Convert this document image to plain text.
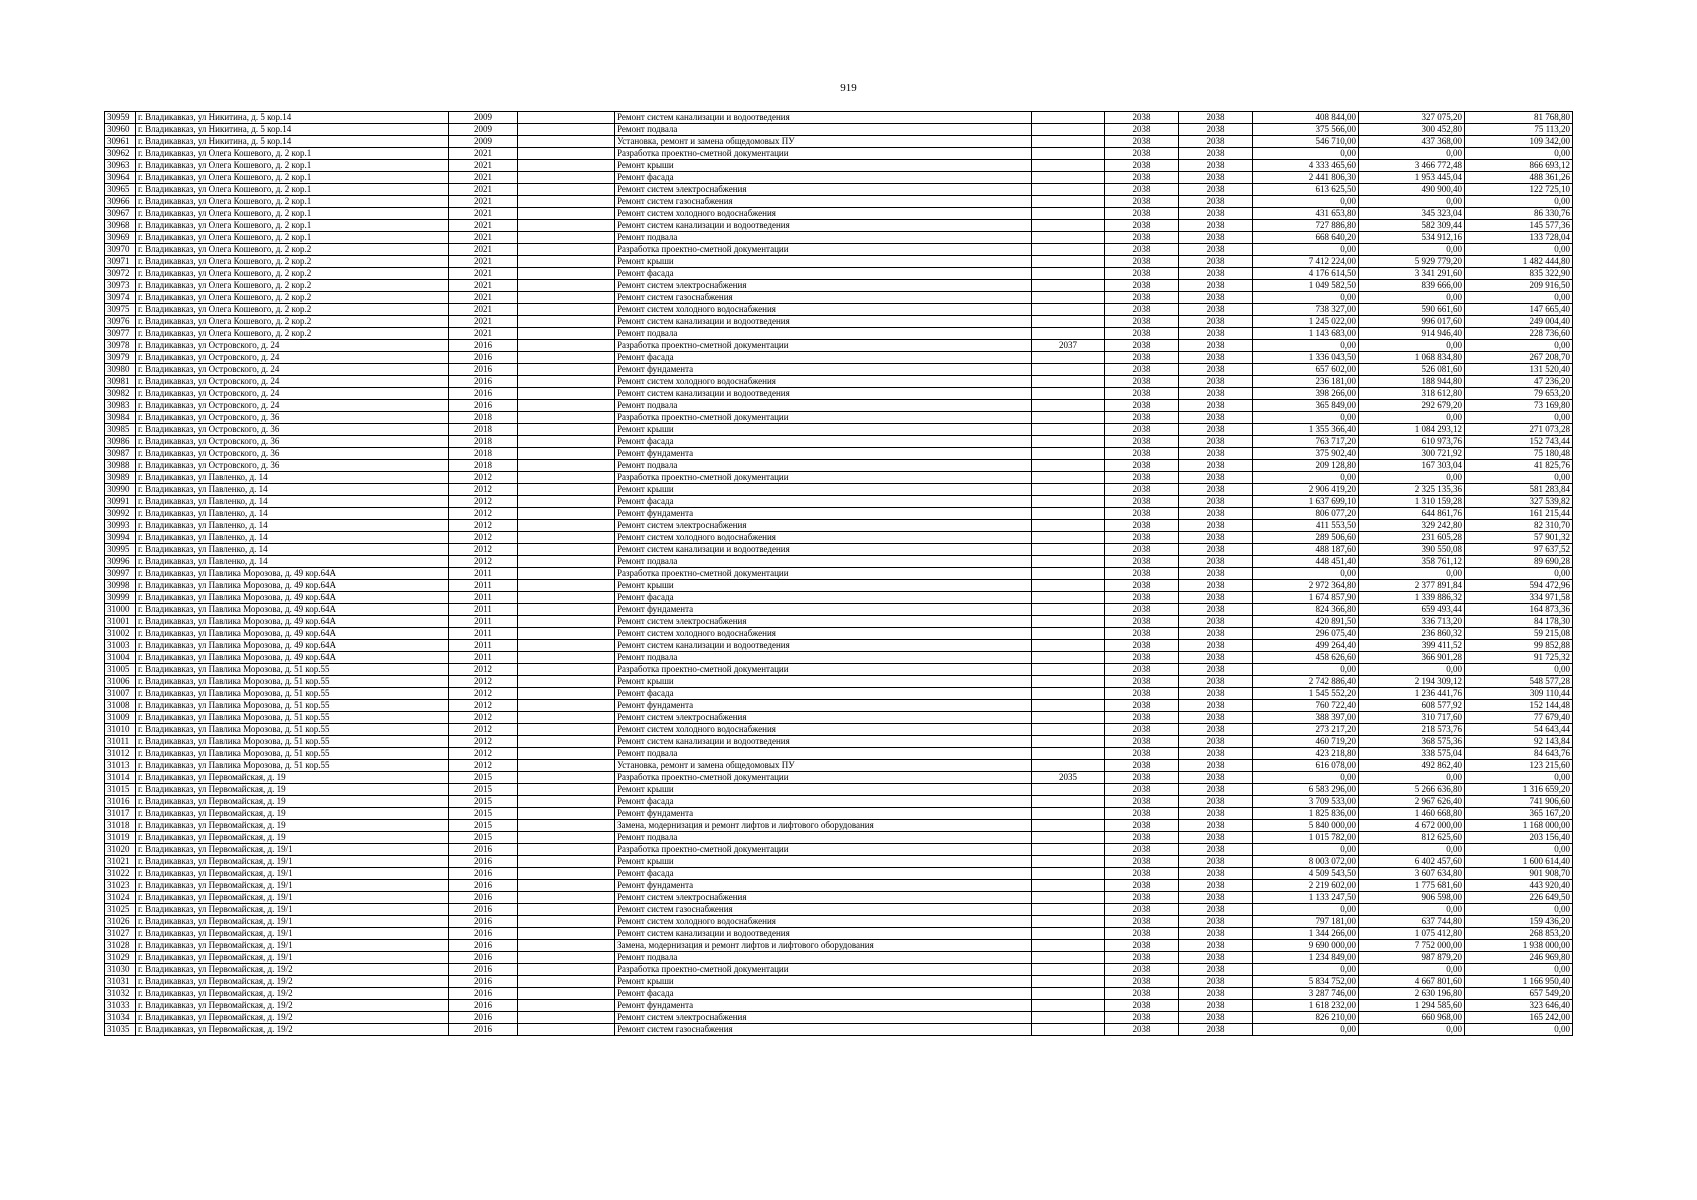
919
30959	г. Владикавказ, ул Никитина, д. 5 кор.14	2009		Ремонт систем канализации и водоотведения		2038	2038	408 844,00	327 075,20	81 768,80
30960	г. Владикавказ, ул Никитина, д. 5 кор.14	2009		Ремонт подвала		2038	2038	375 566,00	300 452,80	75 113,20
30961	г. Владикавказ, ул Никитина, д. 5 кор.14	2009		Установка, ремонт и замена общедомовых ПУ		2038	2038	546 710,00	437 368,00	109 342,00
30962	г. Владикавказ, ул Олега Кошевого, д. 2 кор.1	2021		Разработка проектно-сметной документации		2038	2038	0,00	0,00	0,00
30963	г. Владикавказ, ул Олега Кошевого, д. 2 кор.1	2021		Ремонт крыши		2038	2038	4 333 465,60	3 466 772,48	866 693,12
30964	г. Владикавказ, ул Олега Кошевого, д. 2 кор.1	2021		Ремонт фасада		2038	2038	2 441 806,30	1 953 445,04	488 361,26
30965	г. Владикавказ, ул Олега Кошевого, д. 2 кор.1	2021		Ремонт систем электроснабжения		2038	2038	613 625,50	490 900,40	122 725,10
30966	г. Владикавказ, ул Олега Кошевого, д. 2 кор.1	2021		Ремонт систем газоснабжения		2038	2038	0,00	0,00	0,00
30967	г. Владикавказ, ул Олега Кошевого, д. 2 кор.1	2021		Ремонт систем холодного водоснабжения		2038	2038	431 653,80	345 323,04	86 330,76
30968	г. Владикавказ, ул Олега Кошевого, д. 2 кор.1	2021		Ремонт систем канализации и водоотведения		2038	2038	727 886,80	582 309,44	145 577,36
30969	г. Владикавказ, ул Олега Кошевого, д. 2 кор.1	2021		Ремонт подвала		2038	2038	668 640,20	534 912,16	133 728,04
30970	г. Владикавказ, ул Олега Кошевого, д. 2 кор.2	2021		Разработка проектно-сметной документации		2038	2038	0,00	0,00	0,00
30971	г. Владикавказ, ул Олега Кошевого, д. 2 кор.2	2021		Ремонт крыши		2038	2038	7 412 224,00	5 929 779,20	1 482 444,80
30972	г. Владикавказ, ул Олега Кошевого, д. 2 кор.2	2021		Ремонт фасада		2038	2038	4 176 614,50	3 341 291,60	835 322,90
30973	г. Владикавказ, ул Олега Кошевого, д. 2 кор.2	2021		Ремонт систем электроснабжения		2038	2038	1 049 582,50	839 666,00	209 916,50
30974	г. Владикавказ, ул Олега Кошевого, д. 2 кор.2	2021		Ремонт систем газоснабжения		2038	2038	0,00	0,00	0,00
30975	г. Владикавказ, ул Олега Кошевого, д. 2 кор.2	2021		Ремонт систем холодного водоснабжения		2038	2038	738 327,00	590 661,60	147 665,40
30976	г. Владикавказ, ул Олега Кошевого, д. 2 кор.2	2021		Ремонт систем канализации и водоотведения		2038	2038	1 245 022,00	996 017,60	249 004,40
30977	г. Владикавказ, ул Олега Кошевого, д. 2 кор.2	2021		Ремонт подвала		2038	2038	1 143 683,00	914 946,40	228 736,60
30978	г. Владикавказ, ул Островского, д. 24	2016		Разработка проектно-сметной документации	2037	2038	2038	0,00	0,00	0,00
30979	г. Владикавказ, ул Островского, д. 24	2016		Ремонт фасада		2038	2038	1 336 043,50	1 068 834,80	267 208,70
30980	г. Владикавказ, ул Островского, д. 24	2016		Ремонт фундамента		2038	2038	657 602,00	526 081,60	131 520,40
30981	г. Владикавказ, ул Островского, д. 24	2016		Ремонт систем холодного водоснабжения		2038	2038	236 181,00	188 944,80	47 236,20
30982	г. Владикавказ, ул Островского, д. 24	2016		Ремонт систем канализации и водоотведения		2038	2038	398 266,00	318 612,80	79 653,20
30983	г. Владикавказ, ул Островского, д. 24	2016		Ремонт подвала		2038	2038	365 849,00	292 679,20	73 169,80
30984	г. Владикавказ, ул Островского, д. 36	2018		Разработка проектно-сметной документации		2038	2038	0,00	0,00	0,00
30985	г. Владикавказ, ул Островского, д. 36	2018		Ремонт крыши		2038	2038	1 355 366,40	1 084 293,12	271 073,28
30986	г. Владикавказ, ул Островского, д. 36	2018		Ремонт фасада		2038	2038	763 717,20	610 973,76	152 743,44
30987	г. Владикавказ, ул Островского, д. 36	2018		Ремонт фундамента		2038	2038	375 902,40	300 721,92	75 180,48
30988	г. Владикавказ, ул Островского, д. 36	2018		Ремонт подвала		2038	2038	209 128,80	167 303,04	41 825,76
30989	г. Владикавказ, ул Павленко, д. 14	2012		Разработка проектно-сметной документации		2038	2038	0,00	0,00	0,00
30990	г. Владикавказ, ул Павленко, д. 14	2012		Ремонт крыши		2038	2038	2 906 419,20	2 325 135,36	581 283,84
30991	г. Владикавказ, ул Павленко, д. 14	2012		Ремонт фасада		2038	2038	1 637 699,10	1 310 159,28	327 539,82
30992	г. Владикавказ, ул Павленко, д. 14	2012		Ремонт фундамента		2038	2038	806 077,20	644 861,76	161 215,44
30993	г. Владикавказ, ул Павленко, д. 14	2012		Ремонт систем электроснабжения		2038	2038	411 553,50	329 242,80	82 310,70
30994	г. Владикавказ, ул Павленко, д. 14	2012		Ремонт систем холодного водоснабжения		2038	2038	289 506,60	231 605,28	57 901,32
30995	г. Владикавказ, ул Павленко, д. 14	2012		Ремонт систем канализации и водоотведения		2038	2038	488 187,60	390 550,08	97 637,52
30996	г. Владикавказ, ул Павленко, д. 14	2012		Ремонт подвала		2038	2038	448 451,40	358 761,12	89 690,28
30997	г. Владикавказ, ул Павлика Морозова, д. 49 кор.64А	2011		Разработка проектно-сметной документации		2038	2038	0,00	0,00	0,00
30998	г. Владикавказ, ул Павлика Морозова, д. 49 кор.64А	2011		Ремонт крыши		2038	2038	2 972 364,80	2 377 891,84	594 472,96
30999	г. Владикавказ, ул Павлика Морозова, д. 49 кор.64А	2011		Ремонт фасада		2038	2038	1 674 857,90	1 339 886,32	334 971,58
31000	г. Владикавказ, ул Павлика Морозова, д. 49 кор.64А	2011		Ремонт фундамента		2038	2038	824 366,80	659 493,44	164 873,36
31001	г. Владикавказ, ул Павлика Морозова, д. 49 кор.64А	2011		Ремонт систем электроснабжения		2038	2038	420 891,50	336 713,20	84 178,30
31002	г. Владикавказ, ул Павлика Морозова, д. 49 кор.64А	2011		Ремонт систем холодного водоснабжения		2038	2038	296 075,40	236 860,32	59 215,08
31003	г. Владикавказ, ул Павлика Морозова, д. 49 кор.64А	2011		Ремонт систем канализации и водоотведения		2038	2038	499 264,40	399 411,52	99 852,88
31004	г. Владикавказ, ул Павлика Морозова, д. 49 кор.64А	2011		Ремонт подвала		2038	2038	458 626,60	366 901,28	91 725,32
31005	г. Владикавказ, ул Павлика Морозова, д. 51 кор.55	2012		Разработка проектно-сметной документации		2038	2038	0,00	0,00	0,00
31006	г. Владикавказ, ул Павлика Морозова, д. 51 кор.55	2012		Ремонт крыши		2038	2038	2 742 886,40	2 194 309,12	548 577,28
31007	г. Владикавказ, ул Павлика Морозова, д. 51 кор.55	2012		Ремонт фасада		2038	2038	1 545 552,20	1 236 441,76	309 110,44
31008	г. Владикавказ, ул Павлика Морозова, д. 51 кор.55	2012		Ремонт фундамента		2038	2038	760 722,40	608 577,92	152 144,48
31009	г. Владикавказ, ул Павлика Морозова, д. 51 кор.55	2012		Ремонт систем электроснабжения		2038	2038	388 397,00	310 717,60	77 679,40
31010	г. Владикавказ, ул Павлика Морозова, д. 51 кор.55	2012		Ремонт систем холодного водоснабжения		2038	2038	273 217,20	218 573,76	54 643,44
31011	г. Владикавказ, ул Павлика Морозова, д. 51 кор.55	2012		Ремонт систем канализации и водоотведения		2038	2038	460 719,20	368 575,36	92 143,84
31012	г. Владикавказ, ул Павлика Морозова, д. 51 кор.55	2012		Ремонт подвала		2038	2038	423 218,80	338 575,04	84 643,76
31013	г. Владикавказ, ул Павлика Морозова, д. 51 кор.55	2012		Установка, ремонт и замена общедомовых ПУ		2038	2038	616 078,00	492 862,40	123 215,60
31014	г. Владикавказ, ул Первомайская, д. 19	2015		Разработка проектно-сметной документации	2035	2038	2038	0,00	0,00	0,00
31015	г. Владикавказ, ул Первомайская, д. 19	2015		Ремонт крыши		2038	2038	6 583 296,00	5 266 636,80	1 316 659,20
31016	г. Владикавказ, ул Первомайская, д. 19	2015		Ремонт фасада		2038	2038	3 709 533,00	2 967 626,40	741 906,60
31017	г. Владикавказ, ул Первомайская, д. 19	2015		Ремонт фундамента		2038	2038	1 825 836,00	1 460 668,80	365 167,20
31018	г. Владикавказ, ул Первомайская, д. 19	2015		Замена, модернизация и ремонт лифтов и лифтового оборудования		2038	2038	5 840 000,00	4 672 000,00	1 168 000,00
31019	г. Владикавказ, ул Первомайская, д. 19	2015		Ремонт подвала		2038	2038	1 015 782,00	812 625,60	203 156,40
31020	г. Владикавказ, ул Первомайская, д. 19/1	2016		Разработка проектно-сметной документации		2038	2038	0,00	0,00	0,00
31021	г. Владикавказ, ул Первомайская, д. 19/1	2016		Ремонт крыши		2038	2038	8 003 072,00	6 402 457,60	1 600 614,40
31022	г. Владикавказ, ул Первомайская, д. 19/1	2016		Ремонт фасада		2038	2038	4 509 543,50	3 607 634,80	901 908,70
31023	г. Владикавказ, ул Первомайская, д. 19/1	2016		Ремонт фундамента		2038	2038	2 219 602,00	1 775 681,60	443 920,40
31024	г. Владикавказ, ул Первомайская, д. 19/1	2016		Ремонт систем электроснабжения		2038	2038	1 133 247,50	906 598,00	226 649,50
31025	г. Владикавказ, ул Первомайская, д. 19/1	2016		Ремонт систем газоснабжения		2038	2038	0,00	0,00	0,00
31026	г. Владикавказ, ул Первомайская, д. 19/1	2016		Ремонт систем холодного водоснабжения		2038	2038	797 181,00	637 744,80	159 436,20
31027	г. Владикавказ, ул Первомайская, д. 19/1	2016		Ремонт систем канализации и водоотведения		2038	2038	1 344 266,00	1 075 412,80	268 853,20
31028	г. Владикавказ, ул Первомайская, д. 19/1	2016		Замена, модернизация и ремонт лифтов и лифтового оборудования		2038	2038	9 690 000,00	7 752 000,00	1 938 000,00
31029	г. Владикавказ, ул Первомайская, д. 19/1	2016		Ремонт подвала		2038	2038	1 234 849,00	987 879,20	246 969,80
31030	г. Владикавказ, ул Первомайская, д. 19/2	2016		Разработка проектно-сметной документации		2038	2038	0,00	0,00	0,00
31031	г. Владикавказ, ул Первомайская, д. 19/2	2016		Ремонт крыши		2038	2038	5 834 752,00	4 667 801,60	1 166 950,40
31032	г. Владикавказ, ул Первомайская, д. 19/2	2016		Ремонт фасада		2038	2038	3 287 746,00	2 630 196,80	657 549,20
31033	г. Владикавказ, ул Первомайская, д. 19/2	2016		Ремонт фундамента		2038	2038	1 618 232,00	1 294 585,60	323 646,40
31034	г. Владикавказ, ул Первомайская, д. 19/2	2016		Ремонт систем электроснабжения		2038	2038	826 210,00	660 968,00	165 242,00
31035	г. Владикавказ, ул Первомайская, д. 19/2	2016		Ремонт систем газоснабжения		2038	2038	0,00	0,00	0,00
